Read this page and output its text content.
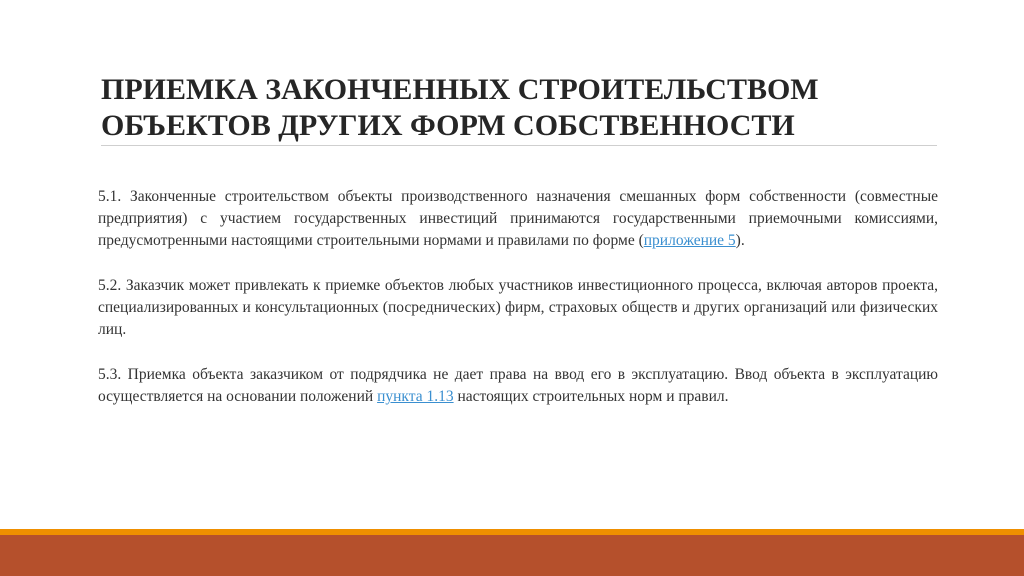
ПРИЕМКА ЗАКОНЧЕННЫХ СТРОИТЕЛЬСТВОМ
ОБЪЕКТОВ ДРУГИХ ФОРМ СОБСТВЕННОСТИ

5.1. Законченные строительством объекты производственного назначения смешанных форм собственности (совместные предприятия) с участием государственных инвестиций принимаются государственными приемочными комиссиями, предусмотренными настоящими строительными нормами и правилами по форме (приложение 5).

5.2. Заказчик может привлекать к приемке объектов любых участников инвестиционного процесса, включая авторов проекта, специализированных и консультационных (посреднических) фирм, страховых обществ и других организаций или физических лиц.

5.3. Приемка объекта заказчиком от подрядчика не дает права на ввод его в эксплуатацию. Ввод объекта в эксплуатацию осуществляется на основании положений пункта 1.13 настоящих строительных норм и правил.
